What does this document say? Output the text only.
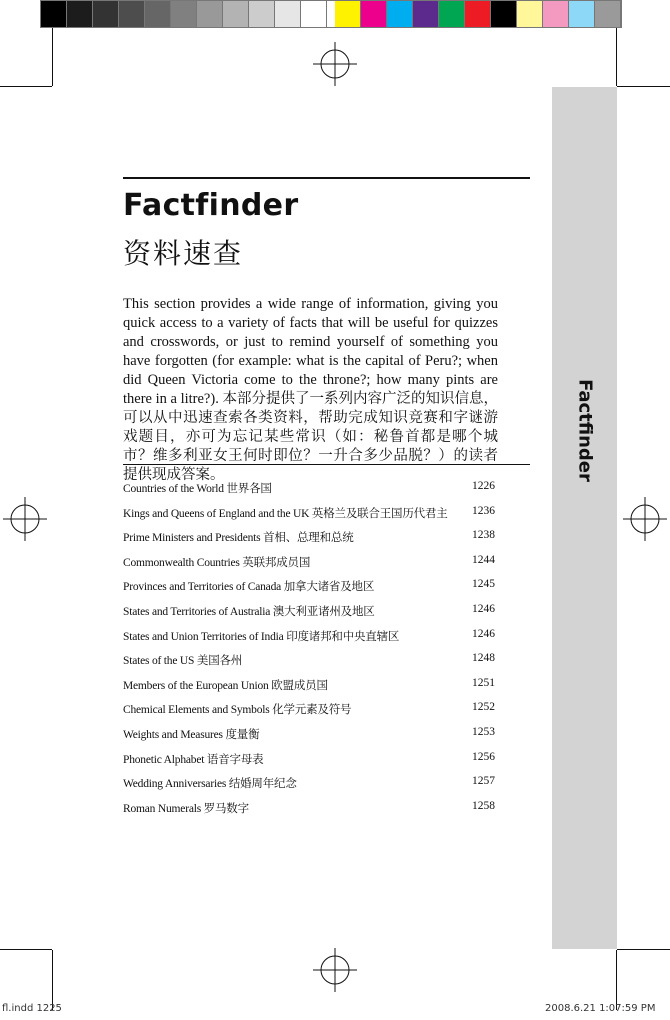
Factfinder
Factfinder
资料速查
This section provides a wide range of information, giving you quick access to a variety of facts that will be useful for quizzes and crosswords, or just to remind yourself of something you have forgotten (for example: what is the capital of Peru?; when did Queen Victoria come to the throne?; how many pints are there in a litre?). 本部分提供了一系列内容广泛的知识信息，可以从中迅速查索各类资料，帮助完成知识竞赛和字谜游戏题目，亦可为忘记某些常识（如：秘鲁首都是哪个城市？维多利亚女王何时即位？一升合多少品脱？）的读者提供现成答案。
Countries of the World 世界各国	1226
Kings and Queens of England and the UK 英格兰及联合王国历代君主 1236
Prime Ministers and Presidents 首相、总理和总统	1238
Commonwealth Countries 英联邦成员国	1244
Provinces and Territories of Canada 加拿大诸省及地区	1245
States and Territories of Australia 澳大利亚诸州及地区	1246
States and Union Territories of India 印度诸邦和中央直辖区	1246
States of the US 美国各州	1248
Members of the European Union 欧盟成员国	1251
Chemical Elements and Symbols 化学元素及符号	1252
Weights and Measures 度量衡	1253
Phonetic Alphabet 语音字母表	1256
Wedding Anniversaries 结婚周年纪念	1257
Roman Numerals 罗马数字	1258
fl.indd 1225	2008.6.21 1:07:59 PM
